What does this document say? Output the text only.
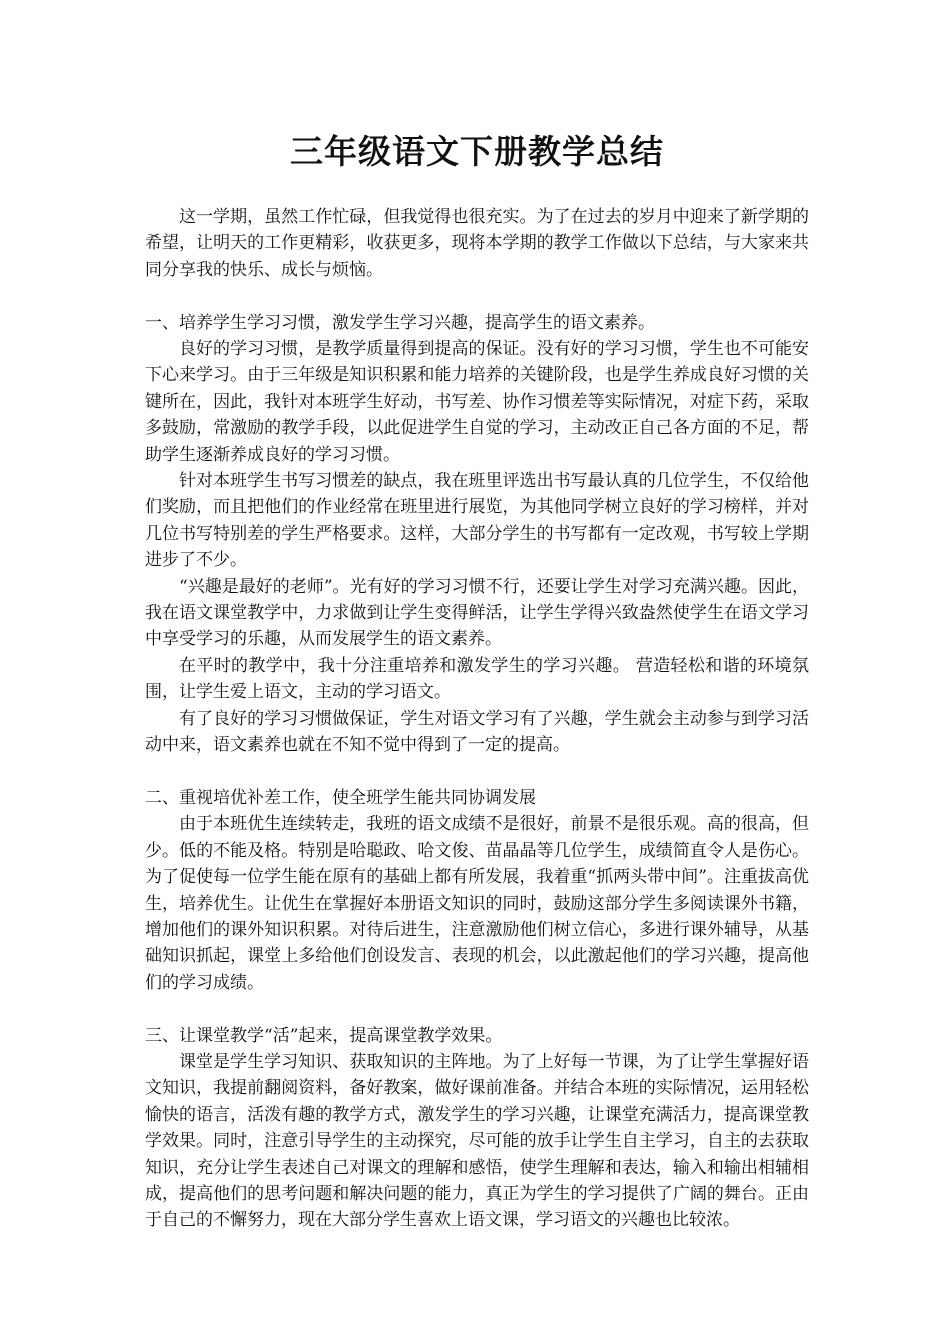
三年级语文下册教学总结

这一学期，虽然工作忙碌，但我觉得也很充实。为了在过去的岁月中迎来了新学期的希望，让明天的工作更精彩，收获更多，现将本学期的教学工作做以下总结，与大家来共同分享我的快乐、成长与烦恼。

一、培养学生学习习惯，激发学生学习兴趣，提高学生的语文素养。

良好的学习习惯，是教学质量得到提高的保证。没有好的学习习惯，学生也不可能安下心来学习。由于三年级是知识积累和能力培养的关键阶段，也是学生养成良好习惯的关键所在，因此，我针对本班学生好动，书写差、协作习惯差等实际情况，对症下药，采取多鼓励，常激励的教学手段，以此促进学生自觉的学习，主动改正自己各方面的不足，帮助学生逐渐养成良好的学习习惯。

针对本班学生书写习惯差的缺点，我在班里评选出书写最认真的几位学生，不仅给他们奖励，而且把他们的作业经常在班里进行展览，为其他同学树立良好的学习榜样，并对几位书写特别差的学生严格要求。这样，大部分学生的书写都有一定改观，书写较上学期进步了不少。

“兴趣是最好的老师”。光有好的学习习惯不行，还要让学生对学习充满兴趣。因此，我在语文课堂教学中，力求做到让学生变得鲜活，让学生学得兴致盎然使学生在语文学习中享受学习的乐趣，从而发展学生的语文素养。

在平时的教学中，我十分注重培养和激发学生的学习兴趣。 营造轻松和谐的环境氛围，让学生爱上语文，主动的学习语文。

有了良好的学习习惯做保证，学生对语文学习有了兴趣，学生就会主动参与到学习活动中来，语文素养也就在不知不觉中得到了一定的提高。

二、重视培优补差工作，使全班学生能共同协调发展

由于本班优生连续转走，我班的语文成绩不是很好，前景不是很乐观。高的很高，但少。低的不能及格。特别是哈聪政、哈文俊、苗晶晶等几位学生，成绩简直令人是伤心。为了促使每一位学生能在原有的基础上都有所发展，我着重“抓两头带中间”。注重拔高优生，培养优生。让优生在掌握好本册语文知识的同时，鼓励这部分学生多阅读课外书籍，增加他们的课外知识积累。对待后进生，注意激励他们树立信心，多进行课外辅导，从基础知识抓起，课堂上多给他们创设发言、表现的机会，以此激起他们的学习兴趣，提高他们的学习成绩。

三、让课堂教学“活”起来，提高课堂教学效果。

课堂是学生学习知识、获取知识的主阵地。为了上好每一节课，为了让学生掌握好语文知识，我提前翻阅资料，备好教案，做好课前准备。并结合本班的实际情况，运用轻松愉快的语言，活泼有趣的教学方式，激发学生的学习兴趣，让课堂充满活力，提高课堂教学效果。同时，注意引导学生的主动探究，尽可能的放手让学生自主学习，自主的去获取知识，充分让学生表述自己对课文的理解和感悟，使学生理解和表达，输入和输出相辅相成，提高他们的思考问题和解决问题的能力，真正为学生的学习提供了广阔的舞台。正由于自己的不懈努力，现在大部分学生喜欢上语文课，学习语文的兴趣也比较浓。
